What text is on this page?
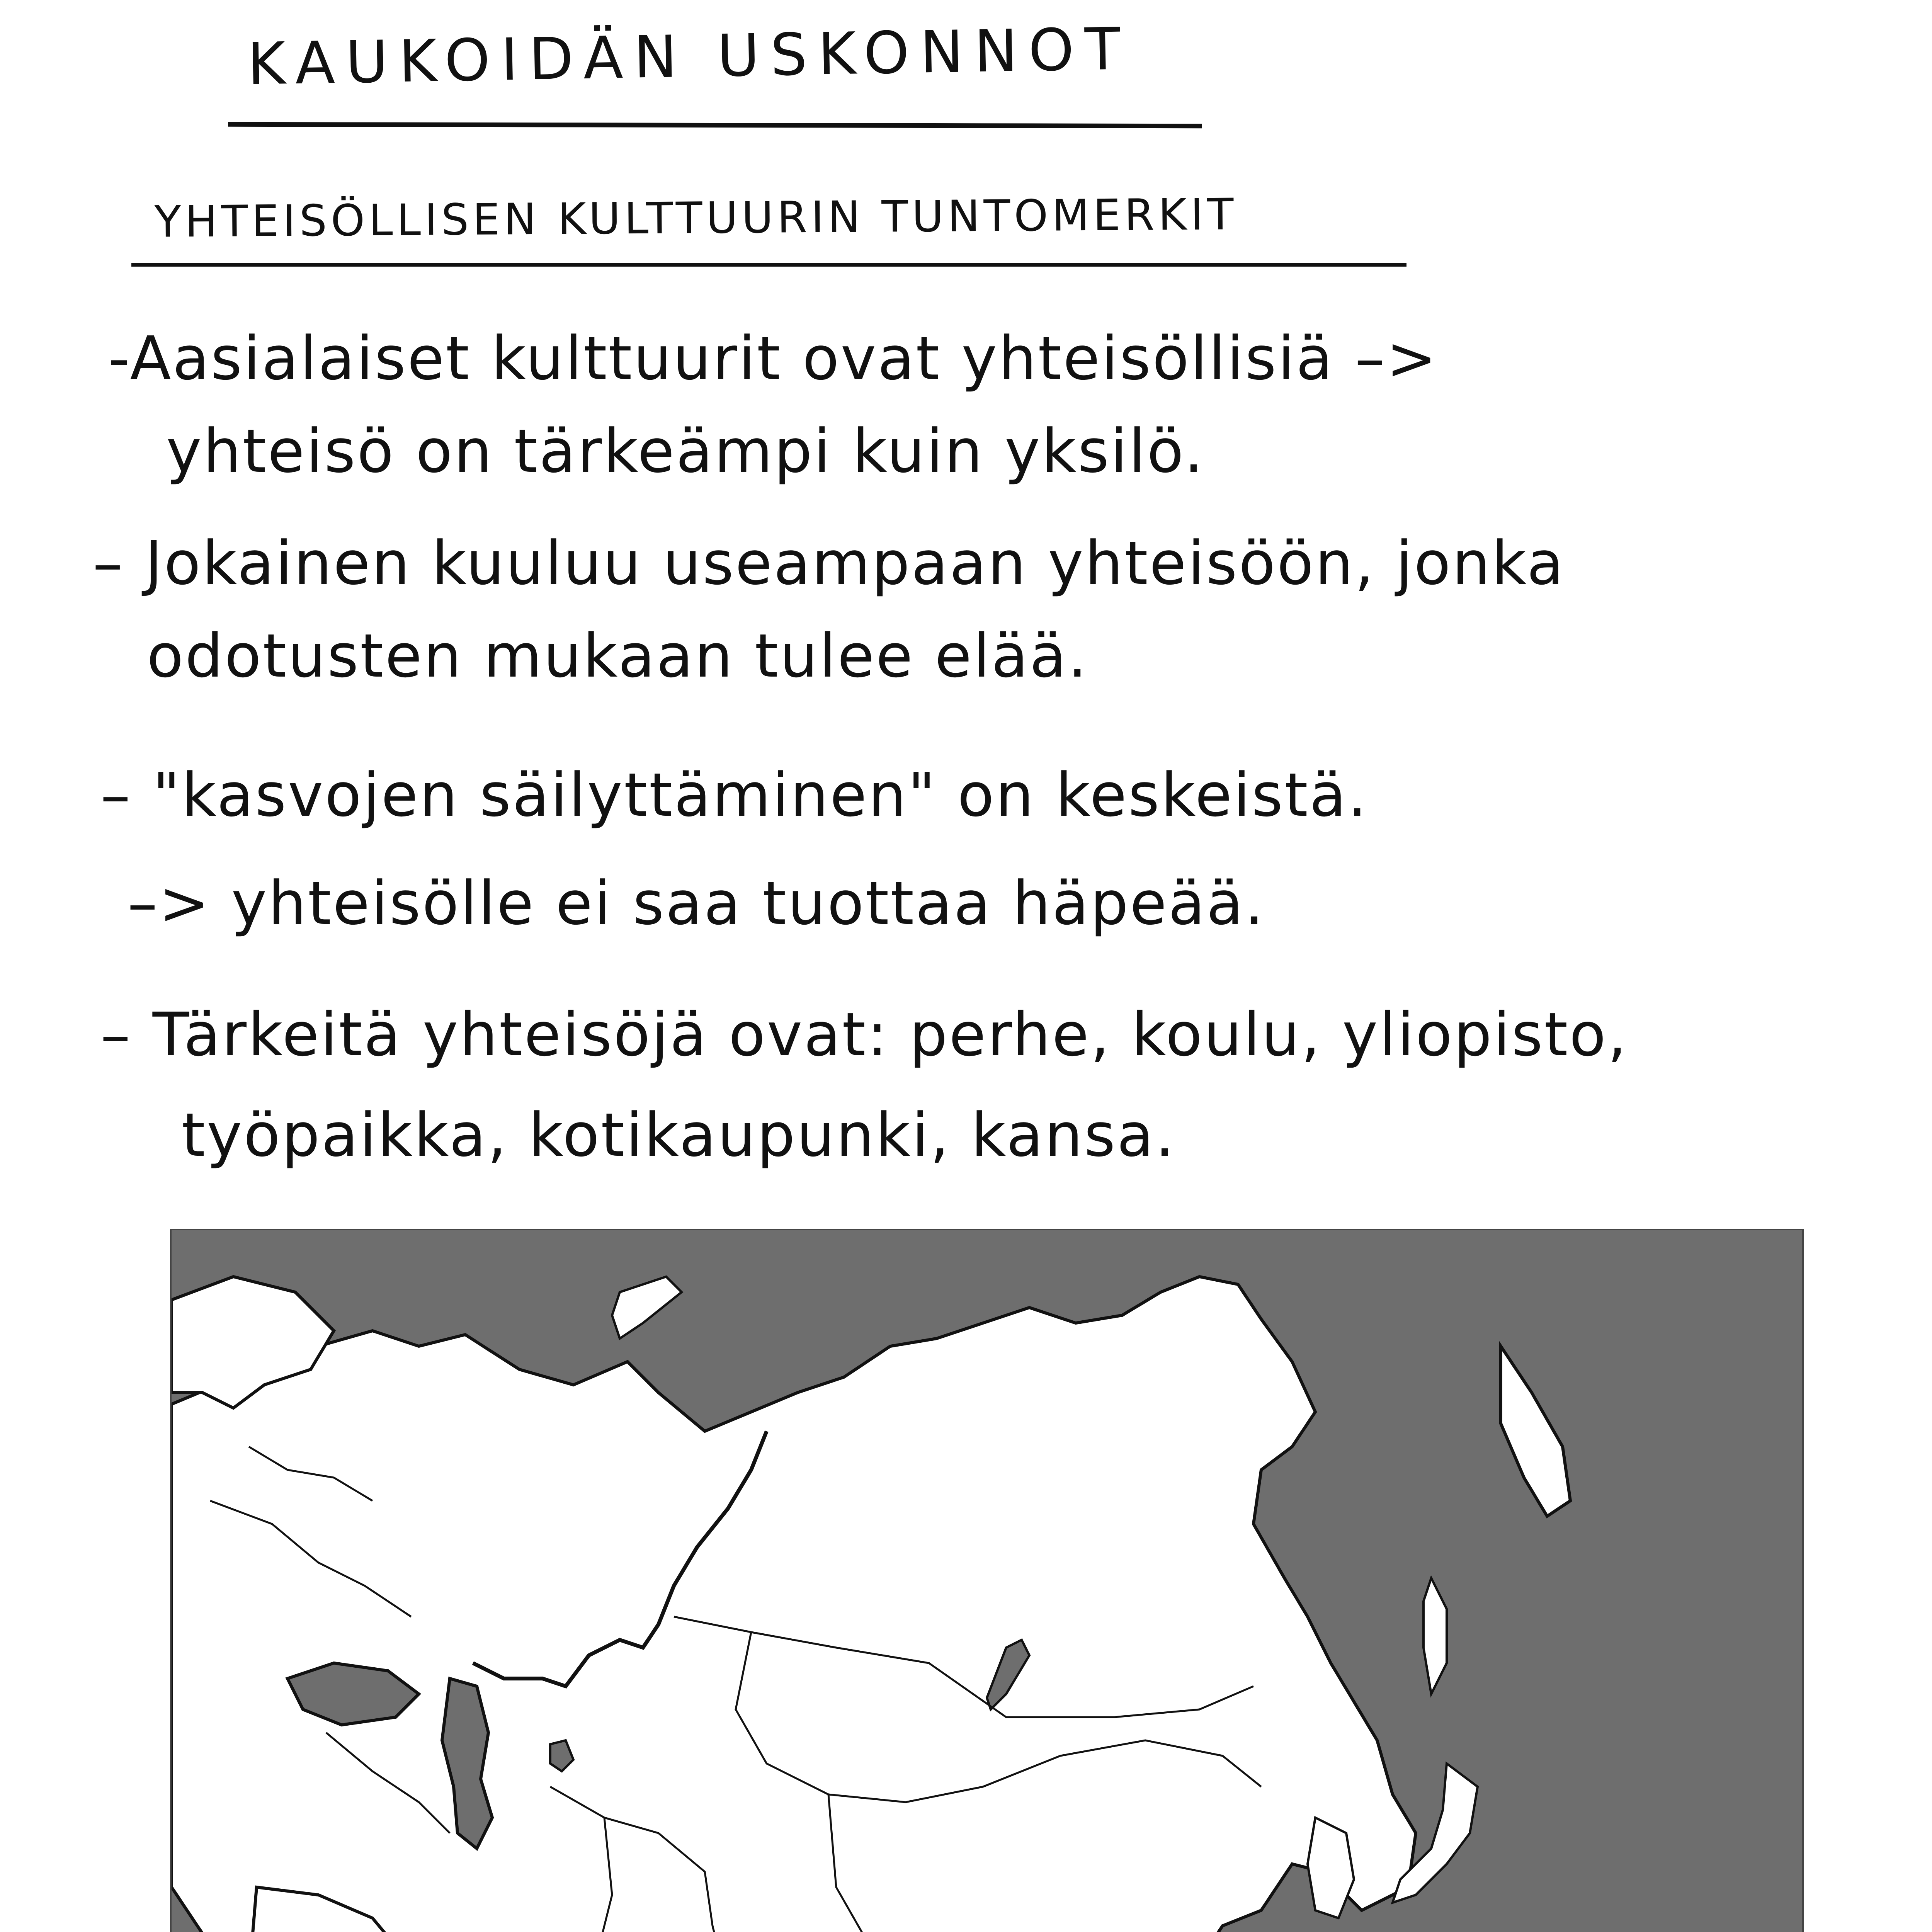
KAUKOIDÄN USKONNOT
YHTEISÖLLISEN KULTTUURIN TUNTOMERKIT
-Aasialaiset kulttuurit ovat yhteisöllisiä –>
yhteisö on tärkeämpi kuin yksilö.
– Jokainen kuuluu useampaan yhteisöön, jonka
odotusten mukaan tulee elää.
– "kasvojen säilyttäminen" on keskeistä.
–> yhteisölle ei saa tuottaa häpeää.
– Tärkeitä yhteisöjä ovat: perhe, koulu, yliopisto,
työpaikka, kotikaupunki, kansa.
